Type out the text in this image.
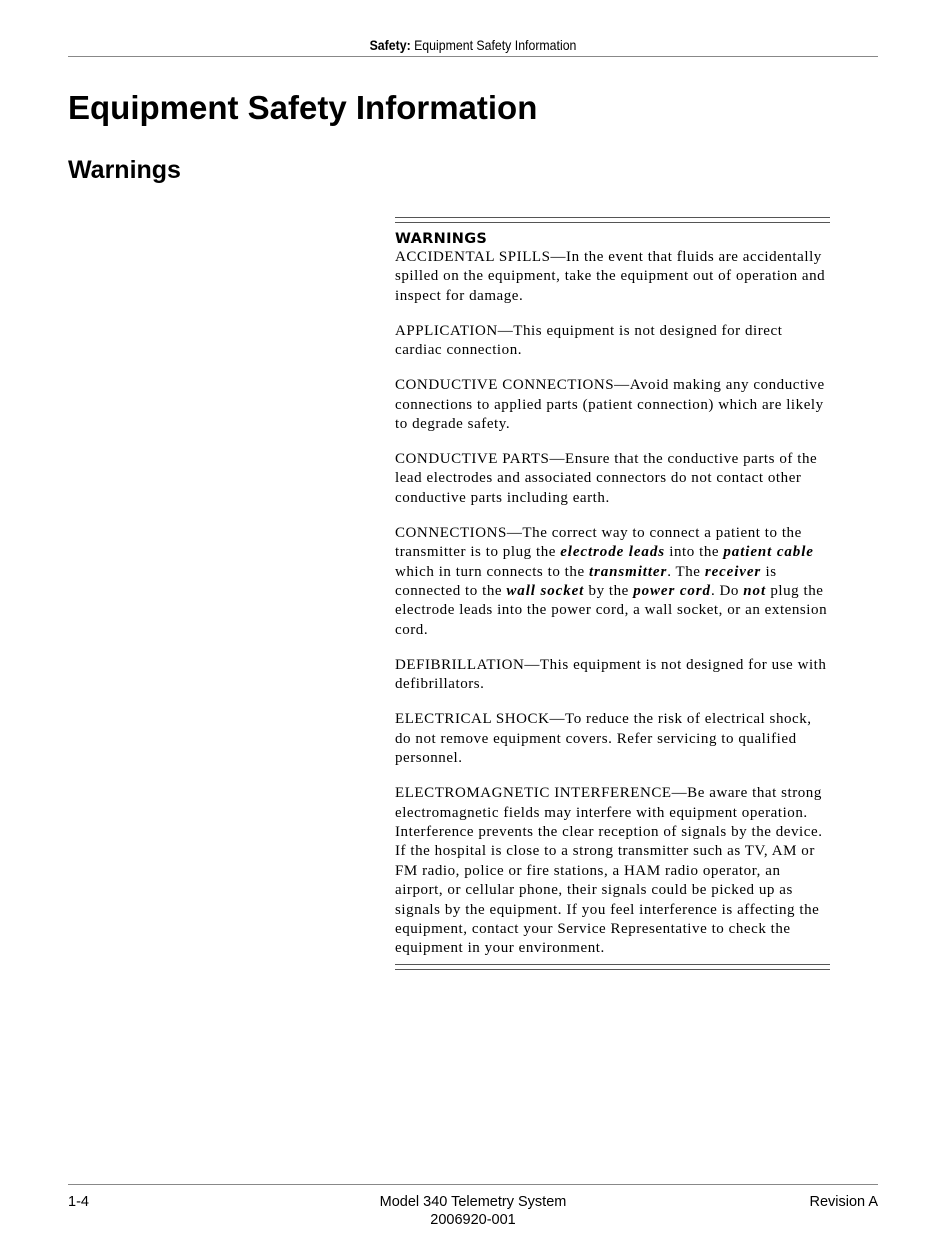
Safety: Equipment Safety Information
Equipment Safety Information
Warnings
WARNINGS

ACCIDENTAL SPILLS—In the event that fluids are accidentally spilled on the equipment, take the equipment out of operation and inspect for damage.

APPLICATION—This equipment is not designed for direct cardiac connection.

CONDUCTIVE CONNECTIONS—Avoid making any conductive connections to applied parts (patient connection) which are likely to degrade safety.

CONDUCTIVE PARTS—Ensure that the conductive parts of the lead electrodes and associated connectors do not contact other conductive parts including earth.

CONNECTIONS—The correct way to connect a patient to the transmitter is to plug the electrode leads into the patient cable which in turn connects to the transmitter. The receiver is connected to the wall socket by the power cord. Do not plug the electrode leads into the power cord, a wall socket, or an extension cord.

DEFIBRILLATION—This equipment is not designed for use with defibrillators.

ELECTRICAL SHOCK—To reduce the risk of electrical shock, do not remove equipment covers. Refer servicing to qualified personnel.

ELECTROMAGNETIC INTERFERENCE—Be aware that strong electromagnetic fields may interfere with equipment operation. Interference prevents the clear reception of signals by the device. If the hospital is close to a strong transmitter such as TV, AM or FM radio, police or fire stations, a HAM radio operator, an airport, or cellular phone, their signals could be picked up as signals by the equipment. If you feel interference is affecting the equipment, contact your Service Representative to check the equipment in your environment.

1-4	Model 340 Telemetry System
2006920-001
Revision A
